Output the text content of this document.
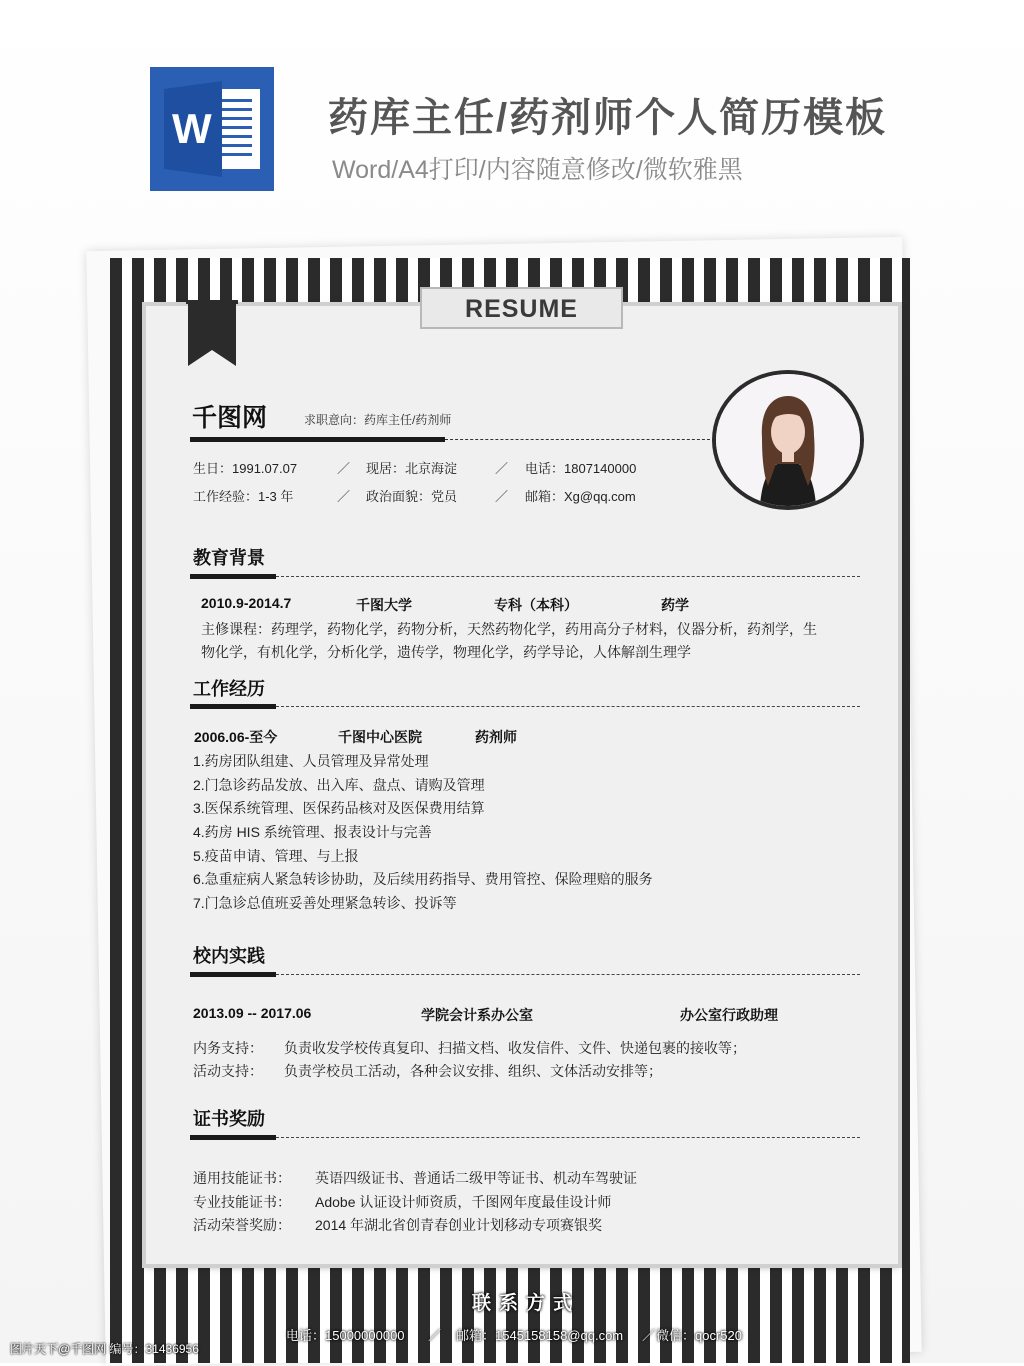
W	药库主任/药剂师个人简历模板
Word/A4打印/内容随意修改/微软雅黑
RESUME
千图网	求职意向：药库主任/药剂师
生日：1991.07.07	／ 现居：北京海淀	／ 电话：1807140000
工作经验：1-3 年	／ 政治面貌：党员	／ 邮箱：Xg@qq.com
教育背景
2010.9-2014.7	千图大学	专科（本科）	药学
主修课程：药理学，药物化学，药物分析，天然药物化学，药用高分子材料，仪器分析，药剂学，生
物化学，有机化学，分析化学，遗传学，物理化学，药学导论，人体解剖生理学
工作经历
2006.06-至今	千图中心医院	药剂师
1.药房团队组建、人员管理及异常处理
2.门急诊药品发放、出入库、盘点、请购及管理
3.医保系统管理、医保药品核对及医保费用结算
4.药房 HIS 系统管理、报表设计与完善
5.疫苗申请、管理、与上报
6.急重症病人紧急转诊协助，及后续用药指导、费用管控、保险理赔的服务
7.门急诊总值班妥善处理紧急转诊、投诉等
校内实践
2013.09 -- 2017.06	学院会计系办公室	办公室行政助理
内务支持： 负责收发学校传真复印、扫描文档、收发信件、文件、快递包裹的接收等；
活动支持： 负责学校员工活动，各种会议安排、组织、文体活动安排等；
证书奖励
通用技能证书： 英语四级证书、普通话二级甲等证书、机动车驾驶证
专业技能证书： Adobe 认证设计师资质，千图网年度最佳设计师
活动荣誉奖励： 2014 年湖北省创青春创业计划移动专项赛银奖
联系方式
电话：15000000000 ／ 邮箱：1545158158@qq.com ／ 微信：qocr520
图片天下@千图网 编号：31436956
